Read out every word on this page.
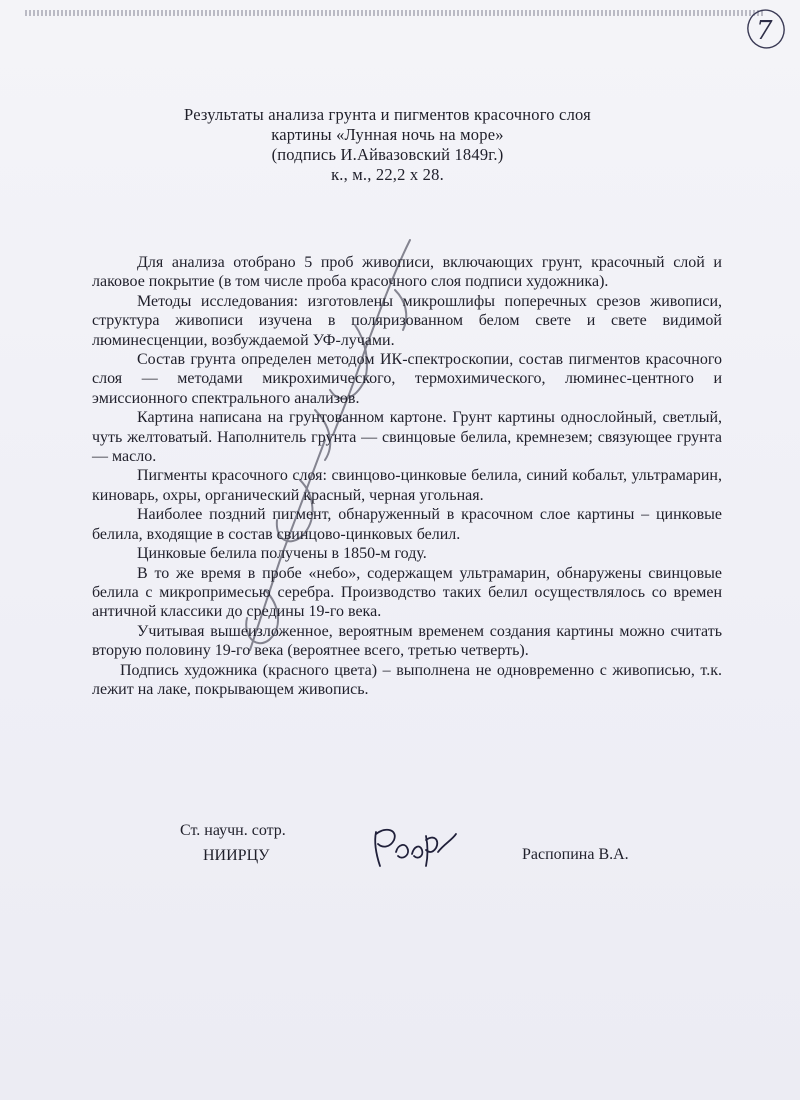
7
Результаты анализа грунта и пигментов красочного слоя
картины «Лунная ночь на море»
(подпись И.Айвазовский 1849г.)
к., м., 22,2 х 28.

Для анализа отобрано 5 проб живописи, включающих грунт, красочный слой и лаковое покрытие (в том числе проба красочного слоя подписи художника).

Методы исследования: изготовлены микрошлифы поперечных срезов живописи, структура живописи изучена в поляризованном белом свете и свете видимой люминесценции, возбуждаемой УФ-лучами.

Состав грунта определен методом ИК-спектроскопии, состав пигментов красочного слоя — методами микрохимического, термохимического, люминес-центного и эмиссионного спектрального анализов.

Картина написана на грунтованном картоне. Грунт картины однослойный, светлый, чуть желтоватый. Наполнитель грунта — свинцовые белила, кремнезем; связующее грунта — масло.

Пигменты красочного слоя: свинцово-цинковые белила, синий кобальт, ультрамарин, киноварь, охры, органический красный, черная угольная.

Наиболее поздний пигмент, обнаруженный в красочном слое картины – цинковые белила, входящие в состав свинцово-цинковых белил.

Цинковые белила получены в 1850-м году.

В то же время в пробе «небо», содержащем ультрамарин, обнаружены свинцовые белила с микропримесью серебра. Производство таких белил осуществлялось со времен античной классики до средины 19-го века.

Учитывая вышеизложенное, вероятным временем создания картины можно считать вторую половину 19-го века (вероятнее всего, третью четверть).

Подпись художника (красного цвета) – выполнена не одновременно с живописью, т.к. лежит на лаке, покрывающем живопись.

Ст. научн. сотр.
НИИРЦУ	Распопина В.А.
